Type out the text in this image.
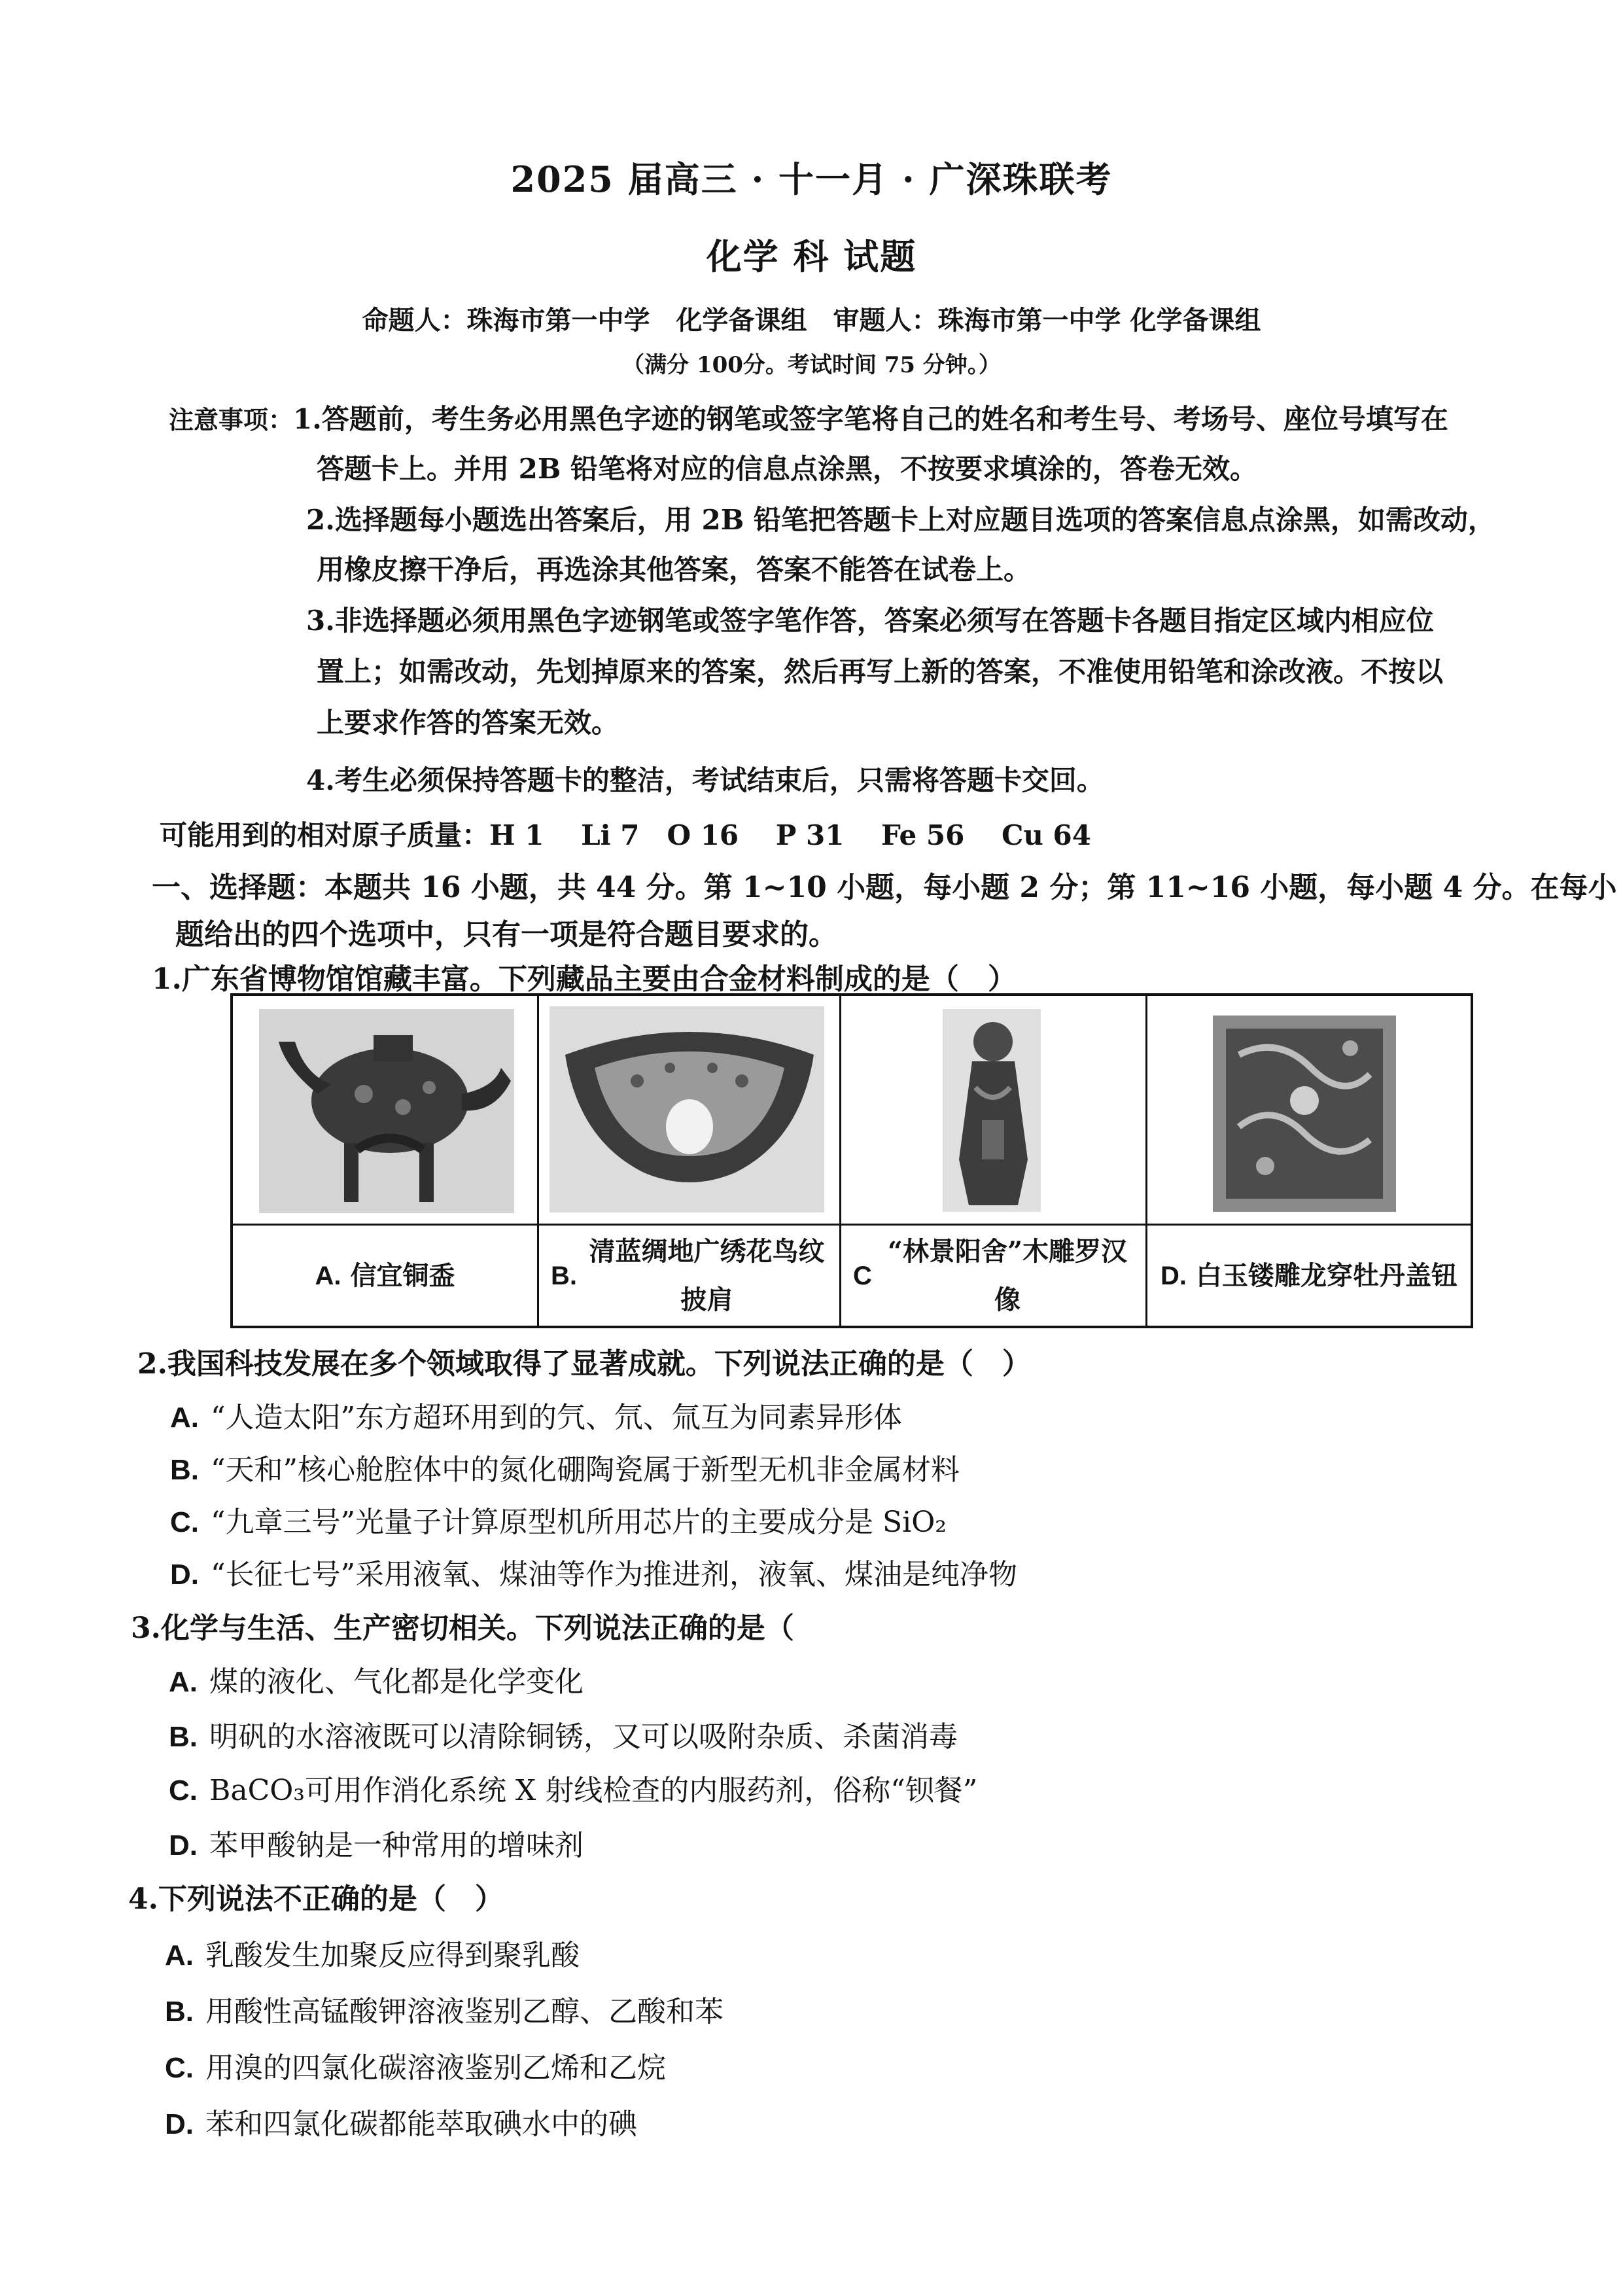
2025 届高三 · 十一月 · 广深珠联考
化学 科 试题
命题人：珠海市第一中学　化学备课组　审题人：珠海市第一中学 化学备课组
（满分 100分。考试时间 75 分钟。）
注意事项：1.答题前，考生务必用黑色字迹的钢笔或签字笔将自己的姓名和考生号、考场号、座位号填写在
答题卡上。并用 2B 铅笔将对应的信息点涂黑，不按要求填涂的，答卷无效。
2.选择题每小题选出答案后，用 2B 铅笔把答题卡上对应题目选项的答案信息点涂黑，如需改动，
用橡皮擦干净后，再选涂其他答案，答案不能答在试卷上。
3.非选择题必须用黑色字迹钢笔或签字笔作答，答案必须写在答题卡各题目指定区域内相应位
置上；如需改动，先划掉原来的答案，然后再写上新的答案，不准使用铅笔和涂改液。不按以
上要求作答的答案无效。
4.考生必须保持答题卡的整洁，考试结束后，只需将答题卡交回。
可能用到的相对原子质量：H 1　 Li 7　O 16　 P 31　 Fe 56　 Cu 64
一、选择题：本题共 16 小题，共 44 分。第 1~10 小题，每小题 2 分；第 11~16 小题，每小题 4 分。在每小
题给出的四个选项中，只有一项是符合题目要求的。
1.广东省博物馆馆藏丰富。下列藏品主要由合金材料制成的是（　）
A. 信宜铜盉	B.
清蓝绸地广绣花鸟纹披肩
C
“林景阳舍”木雕罗汉像
D. 白玉镂雕龙穿牡丹盖钮
2.我国科技发展在多个领域取得了显著成就。下列说法正确的是（　）
A. “人造太阳”东方超环用到的氕、氘、氚互为同素异形体
B. “天和”核心舱腔体中的氮化硼陶瓷属于新型无机非金属材料
C. “九章三号”光量子计算原型机所用芯片的主要成分是 SiO₂
D. “长征七号”采用液氧、煤油等作为推进剂，液氧、煤油是纯净物
3.化学与生活、生产密切相关。下列说法正确的是（
A. 煤的液化、气化都是化学变化
B. 明矾的水溶液既可以清除铜锈，又可以吸附杂质、杀菌消毒
C. BaCO₃可用作消化系统 X 射线检查的内服药剂，俗称“钡餐”
D. 苯甲酸钠是一种常用的增味剂
4.下列说法不正确的是（　）
A. 乳酸发生加聚反应得到聚乳酸
B. 用酸性高锰酸钾溶液鉴别乙醇、乙酸和苯
C. 用溴的四氯化碳溶液鉴别乙烯和乙烷
D. 苯和四氯化碳都能萃取碘水中的碘
